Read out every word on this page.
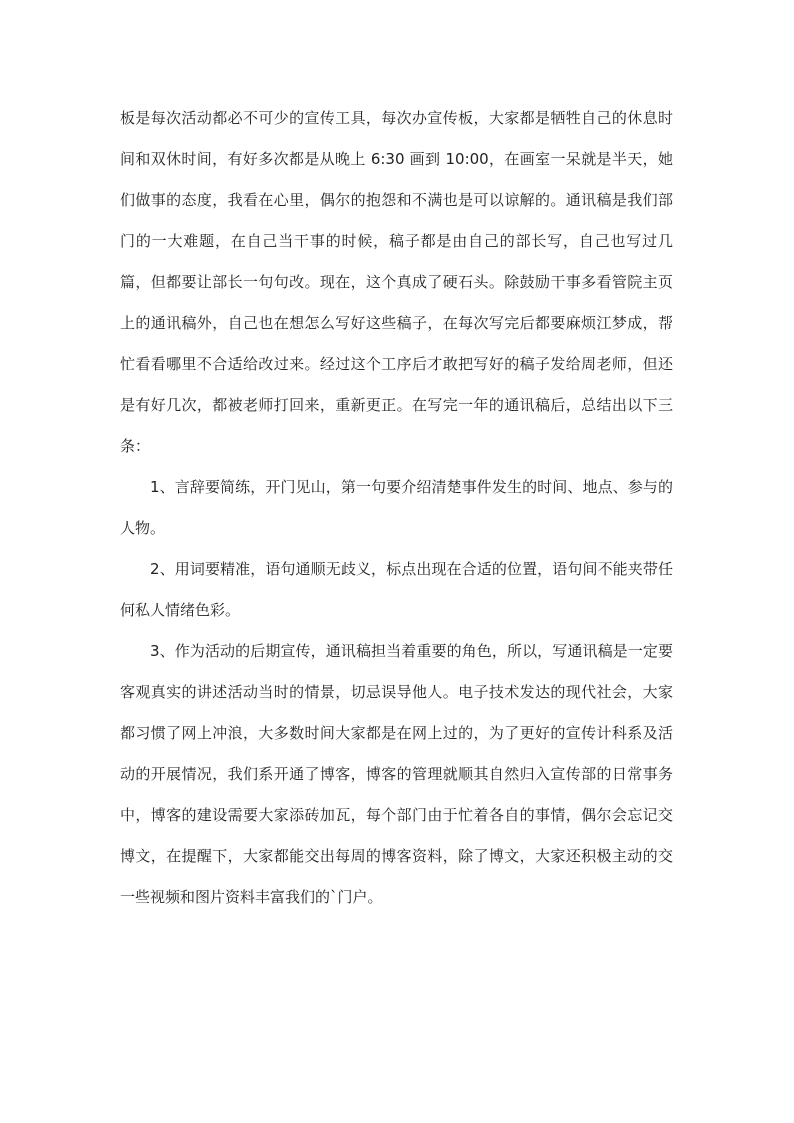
板是每次活动都必不可少的宣传工具，每次办宣传板，大家都是牺牲自己的休息时间和双休时间，有好多次都是从晚上 6:30 画到 10:00，在画室一呆就是半天，她们做事的态度，我看在心里，偶尔的抱怨和不满也是可以谅解的。通讯稿是我们部门的一大难题，在自己当干事的时候，稿子都是由自己的部长写，自己也写过几篇，但都要让部长一句句改。现在，这个真成了硬石头。除鼓励干事多看管院主页上的通讯稿外，自己也在想怎么写好这些稿子，在每次写完后都要麻烦江梦成，帮忙看看哪里不合适给改过来。经过这个工序后才敢把写好的稿子发给周老师，但还是有好几次，都被老师打回来，重新更正。在写完一年的通讯稿后，总结出以下三条：

1、言辞要简练，开门见山，第一句要介绍清楚事件发生的时间、地点、参与的人物。

2、用词要精准，语句通顺无歧义，标点出现在合适的位置，语句间不能夹带任何私人情绪色彩。

3、作为活动的后期宣传，通讯稿担当着重要的角色，所以，写通讯稿是一定要客观真实的讲述活动当时的情景，切忌误导他人。电子技术发达的现代社会，大家都习惯了网上冲浪，大多数时间大家都是在网上过的，为了更好的宣传计科系及活动的开展情况，我们系开通了博客，博客的管理就顺其自然归入宣传部的日常事务中，博客的建设需要大家添砖加瓦，每个部门由于忙着各自的事情，偶尔会忘记交博文，在提醒下，大家都能交出每周的博客资料，除了博文，大家还积极主动的交一些视频和图片资料丰富我们的`门户。
